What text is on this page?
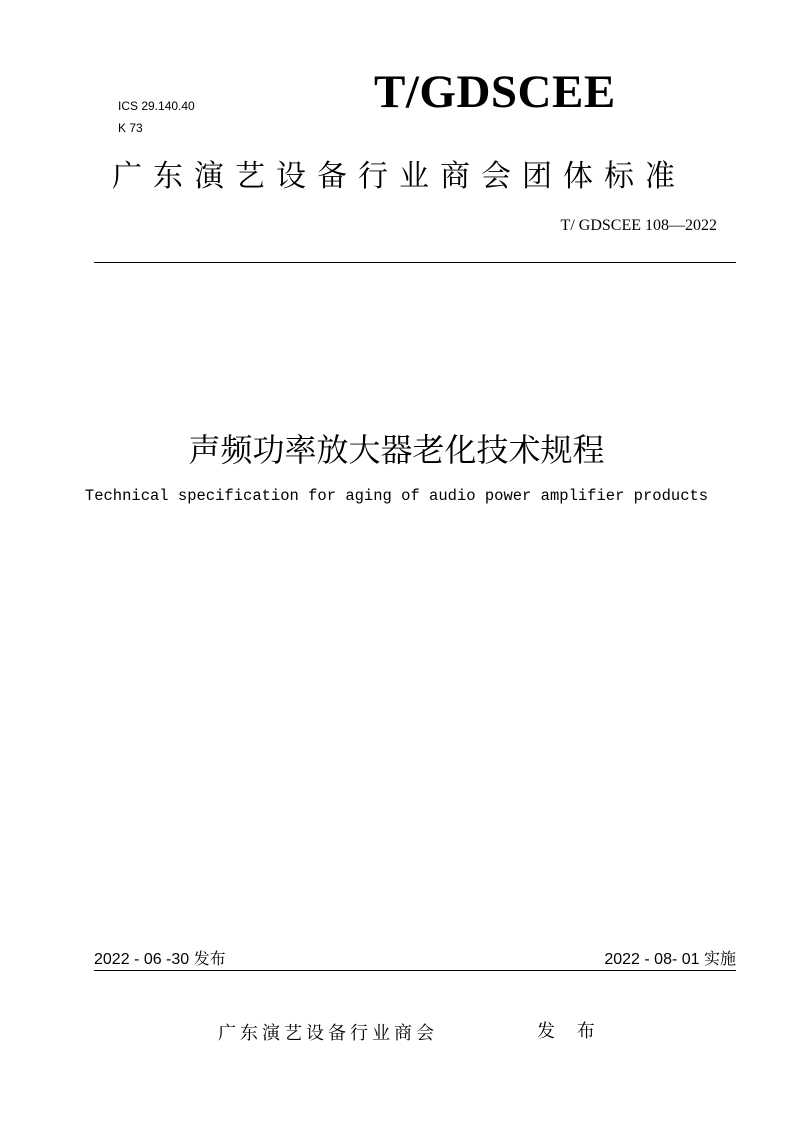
ICS 29.140.40
K 73
T/GDSCEE
广东演艺设备行业商会团体标准
T/ GDSCEE 108—2022
声频功率放大器老化技术规程
Technical specification for aging of audio power amplifier products
2022 - 06 -30 发布	2022 - 08- 01 实施
广东演艺设备行业商会	发 布
